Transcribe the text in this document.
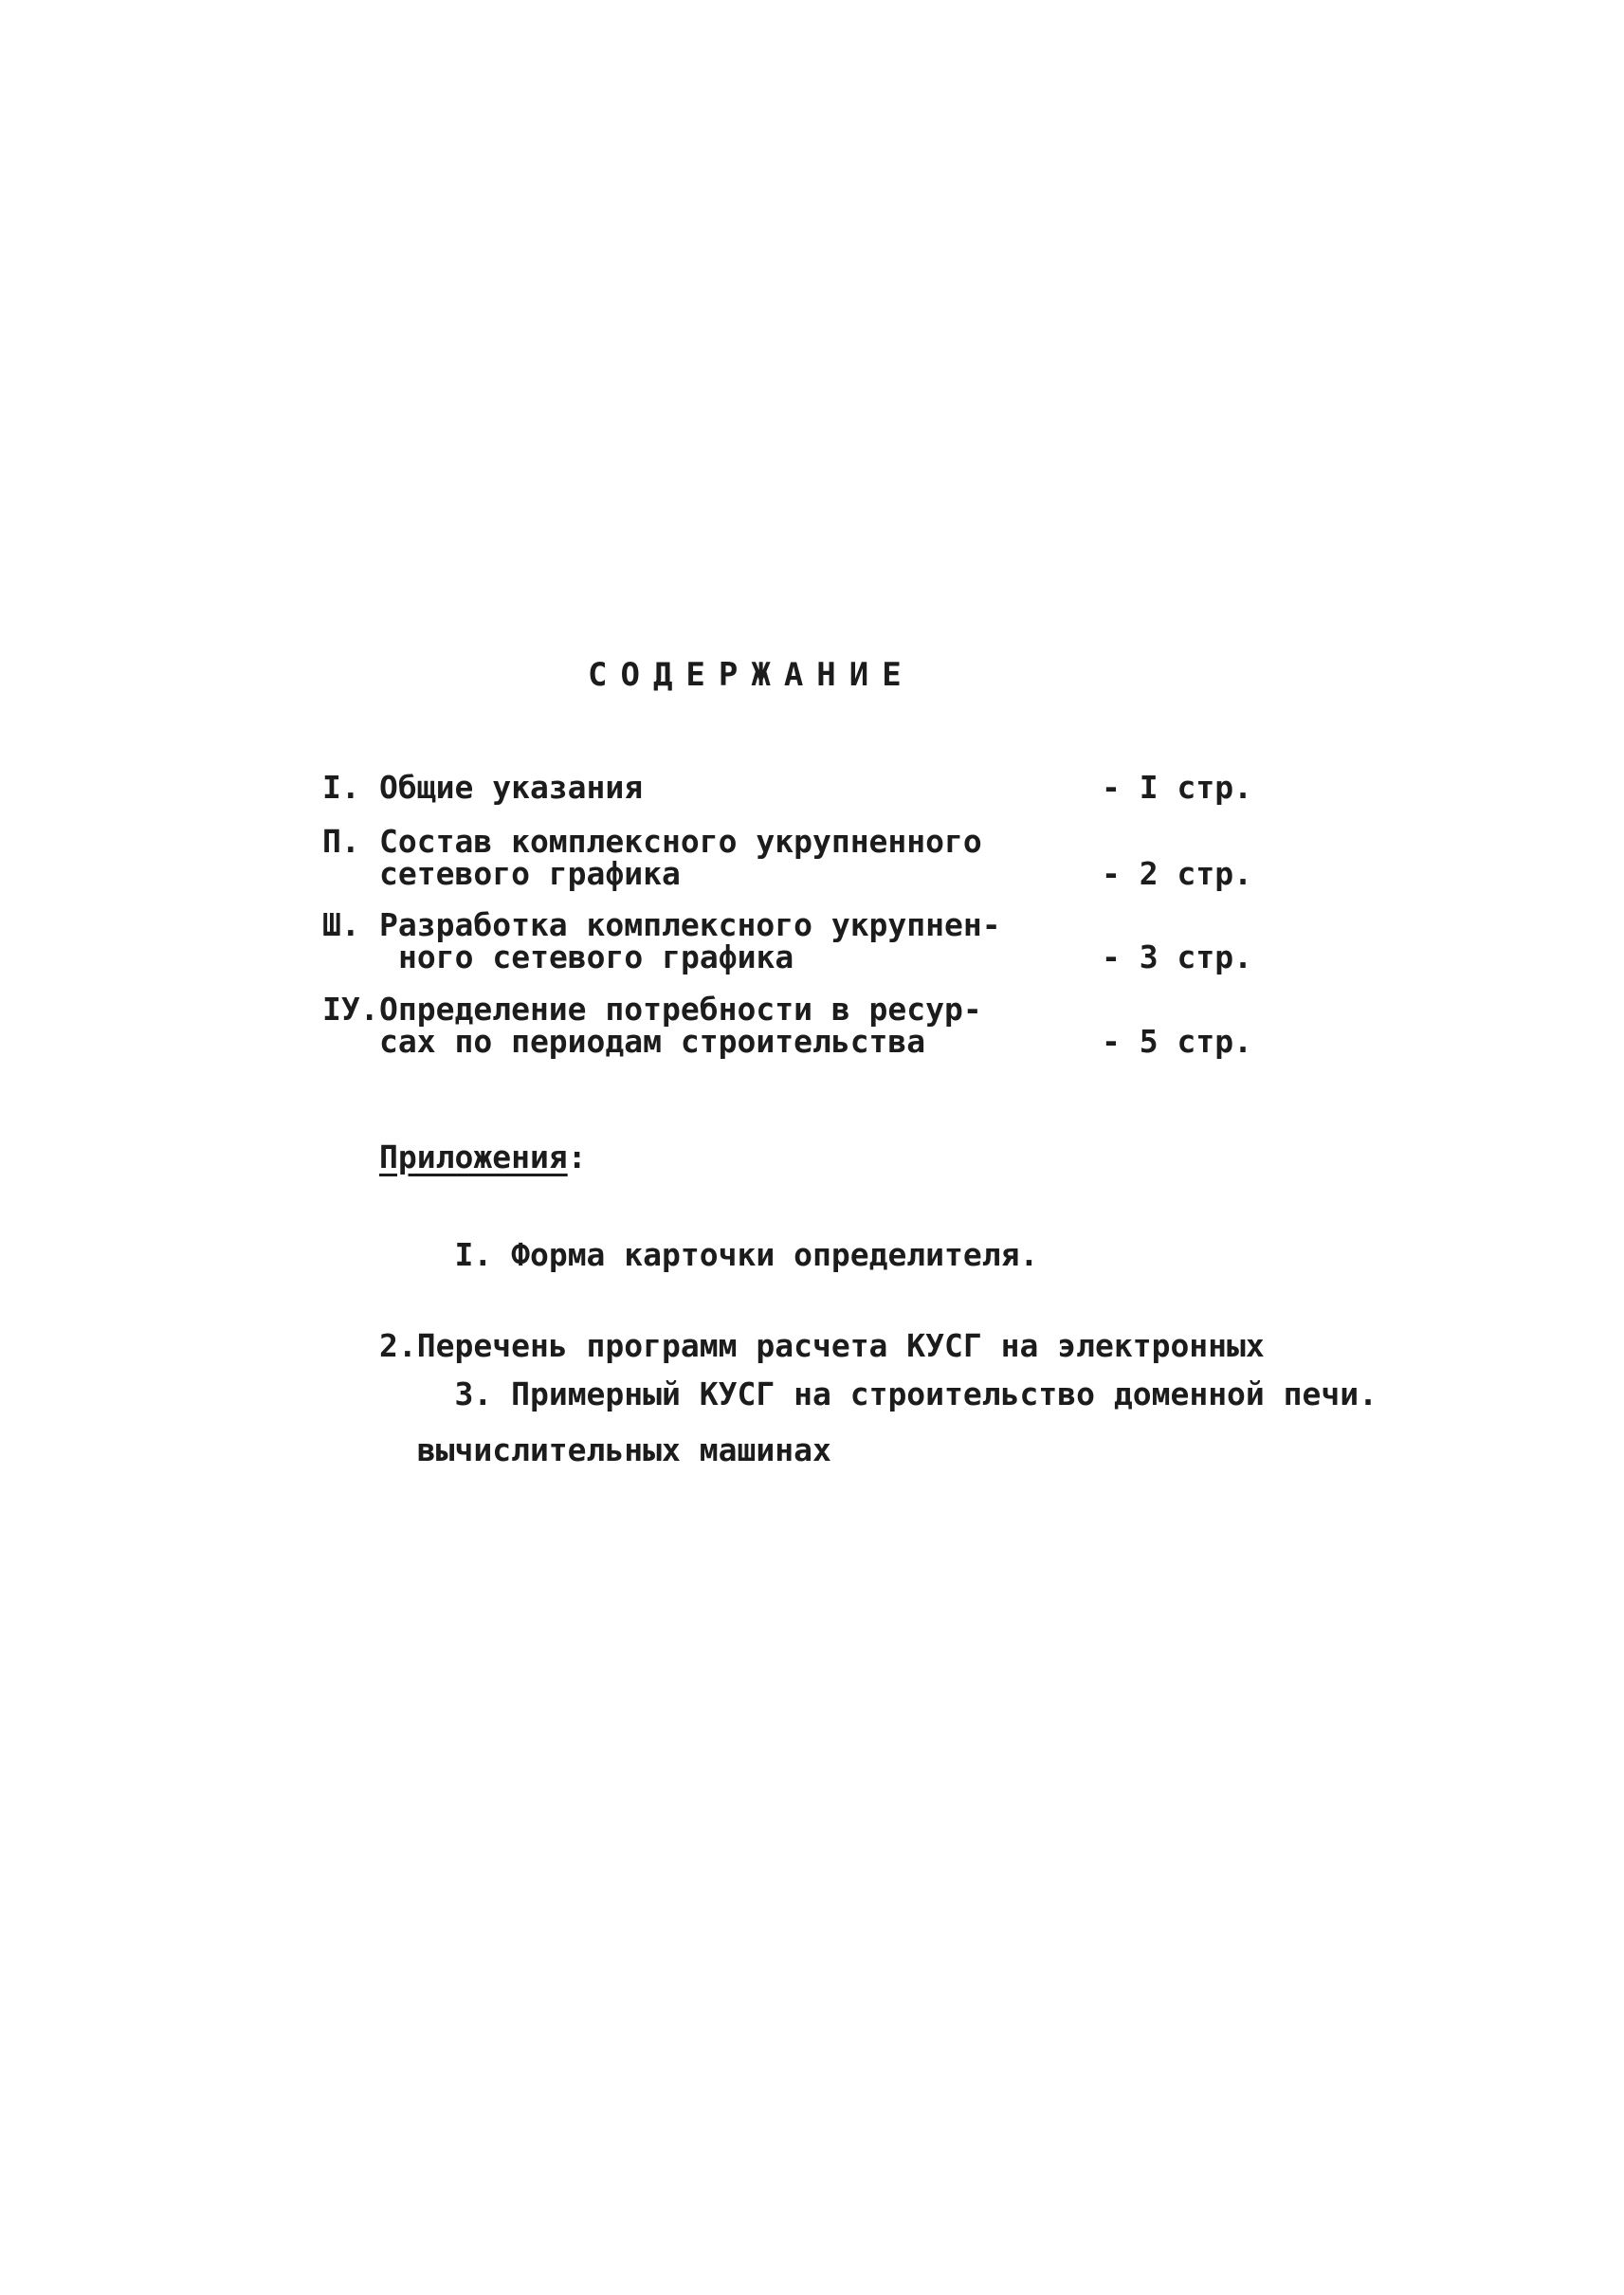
СОДЕРЖАНИЕ
I. Общие указания	- I стр.
П. Состав комплексного укрупненного
сетевого графика	- 2 стр.
Ш. Разработка комплексного укрупнен-
ного сетевого графика	- 3 стр.
IУ. Определение потребности в ресур-
сах по периодам строительства	- 5 стр.
Приложения:

I. Форма карточки определителя.

2.Перечень программ расчета КУСГ на электронных

вычислительных машинах

3. Примерный КУСГ на строительство доменной печи.
